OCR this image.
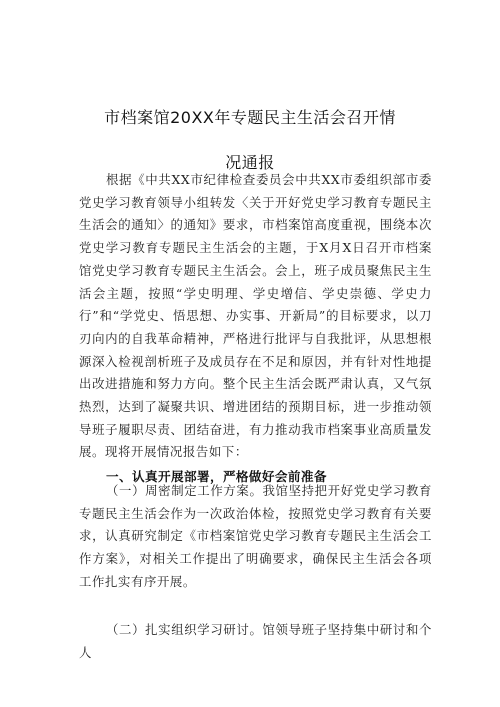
市档案馆20XX年专题民主生活会召开情
况通报

根据《中共XX市纪律检查委员会中共XX市委组织部市委党史学习教育领导小组转发〈关于开好党史学习教育专题民主生活会的通知〉的通知》要求，市档案馆高度重视，围绕本次党史学习教育专题民主生活会的主题，于X月X日召开市档案馆党史学习教育专题民主生活会。会上，班子成员聚焦民主生活会主题，按照“学史明理、学史增信、学史崇德、学史力行”和“学党史、悟思想、办实事、开新局”的目标要求，以刀刃向内的自我革命精神，严格进行批评与自我批评，从思想根源深入检视剖析班子及成员存在不足和原因，并有针对性地提出改进措施和努力方向。整个民主生活会既严肃认真，又气氛热烈，达到了凝聚共识、增进团结的预期目标，进一步推动领导班子履职尽责、团结奋进，有力推动我市档案事业高质量发展。现将开展情况报告如下：

一、认真开展部署，严格做好会前准备

（一）周密制定工作方案。我馆坚持把开好党史学习教育专题民主生活会作为一次政治体检，按照党史学习教育有关要求，认真研究制定《市档案馆党史学习教育专题民主生活会工作方案》，对相关工作提出了明确要求，确保民主生活会各项工作扎实有序开展。

（二）扎实组织学习研讨。馆领导班子坚持集中研讨和个人
